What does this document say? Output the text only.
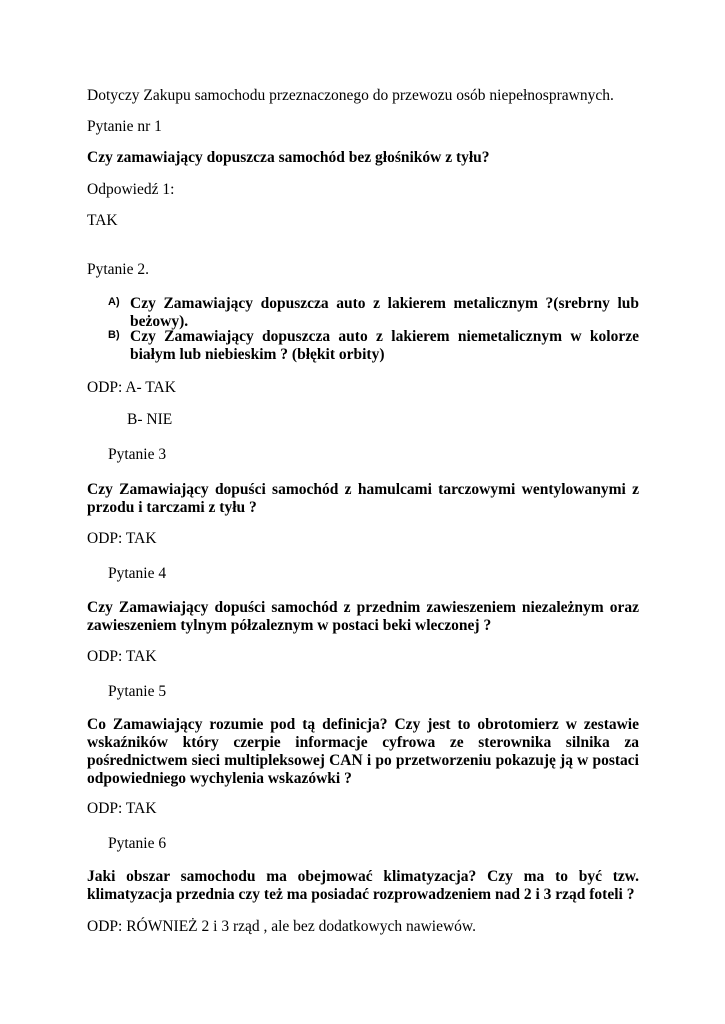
Dotyczy Zakupu samochodu przeznaczonego do przewozu osób niepełnosprawnych.
Pytanie nr 1
Czy zamawiający dopuszcza samochód bez głośników z tyłu?
Odpowiedź 1:
TAK
Pytanie 2.
A) Czy Zamawiający dopuszcza auto z lakierem metalicznym ?(srebrny lub beżowy).
B) Czy Zamawiający dopuszcza auto z lakierem niemetalicznym w kolorze białym lub niebieskim ? (błękit orbity)
ODP: A- TAK
B- NIE
Pytanie 3
Czy Zamawiający dopuści samochód z hamulcami tarczowymi wentylowanymi z przodu i tarczami z tyłu ?
ODP: TAK
Pytanie 4
Czy Zamawiający dopuści samochód z przednim zawieszeniem niezależnym oraz zawieszeniem tylnym półzaleznym w postaci beki wleczonej ?
ODP: TAK
Pytanie 5
Co Zamawiający rozumie pod tą definicja? Czy jest to obrotomierz w zestawie wskaźników który czerpie informacje cyfrowa ze sterownika silnika za pośrednictwem sieci multipleksowej CAN i po przetworzeniu pokazuję ją w postaci odpowiedniego wychylenia wskazówki ?
ODP: TAK
Pytanie 6
Jaki obszar samochodu ma obejmować klimatyzacja? Czy ma to być tzw. klimatyzacja przednia czy też ma posiadać rozprowadzeniem nad 2 i 3 rząd foteli ?
ODP: RÓWNIEŻ 2 i 3 rząd , ale bez dodatkowych nawiewów.
